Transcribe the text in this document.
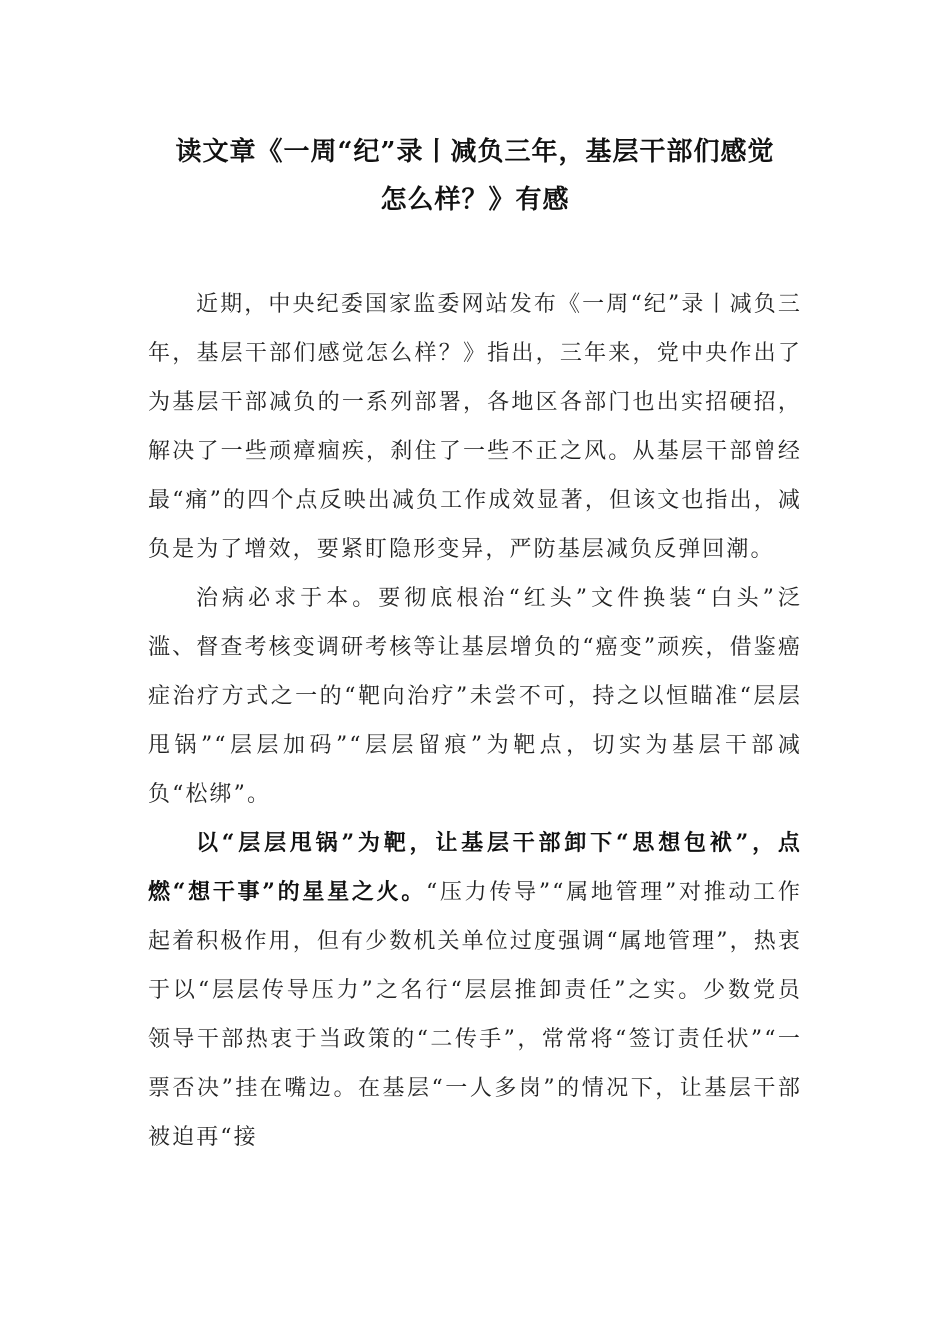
读文章《一周“纪”录丨减负三年，基层干部们感觉
怎么样？》有感

近期，中央纪委国家监委网站发布《一周“纪”录丨减负三年，基层干部们感觉怎么样？》指出，三年来，党中央作出了为基层干部减负的一系列部署，各地区各部门也出实招硬招，解决了一些顽瘴痼疾，刹住了一些不正之风。从基层干部曾经最“痛”的四个点反映出减负工作成效显著，但该文也指出，减负是为了增效，要紧盯隐形变异，严防基层减负反弹回潮。

治病必求于本。要彻底根治“红头”文件换装“白头”泛滥、督查考核变调研考核等让基层增负的“癌变”顽疾，借鉴癌症治疗方式之一的“靶向治疗”未尝不可，持之以恒瞄准“层层甩锅”“层层加码”“层层留痕”为靶点，切实为基层干部减负“松绑”。

以“层层甩锅”为靶，让基层干部卸下“思想包袱”，点燃“想干事”的星星之火。“压力传导”“属地管理”对推动工作起着积极作用，但有少数机关单位过度强调“属地管理”，热衷于以“层层传导压力”之名行“层层推卸责任”之实。少数党员领导干部热衷于当政策的“二传手”，常常将“签订责任状”“一票否决”挂在嘴边。在基层“一人多岗”的情况下，让基层干部被迫再“接
